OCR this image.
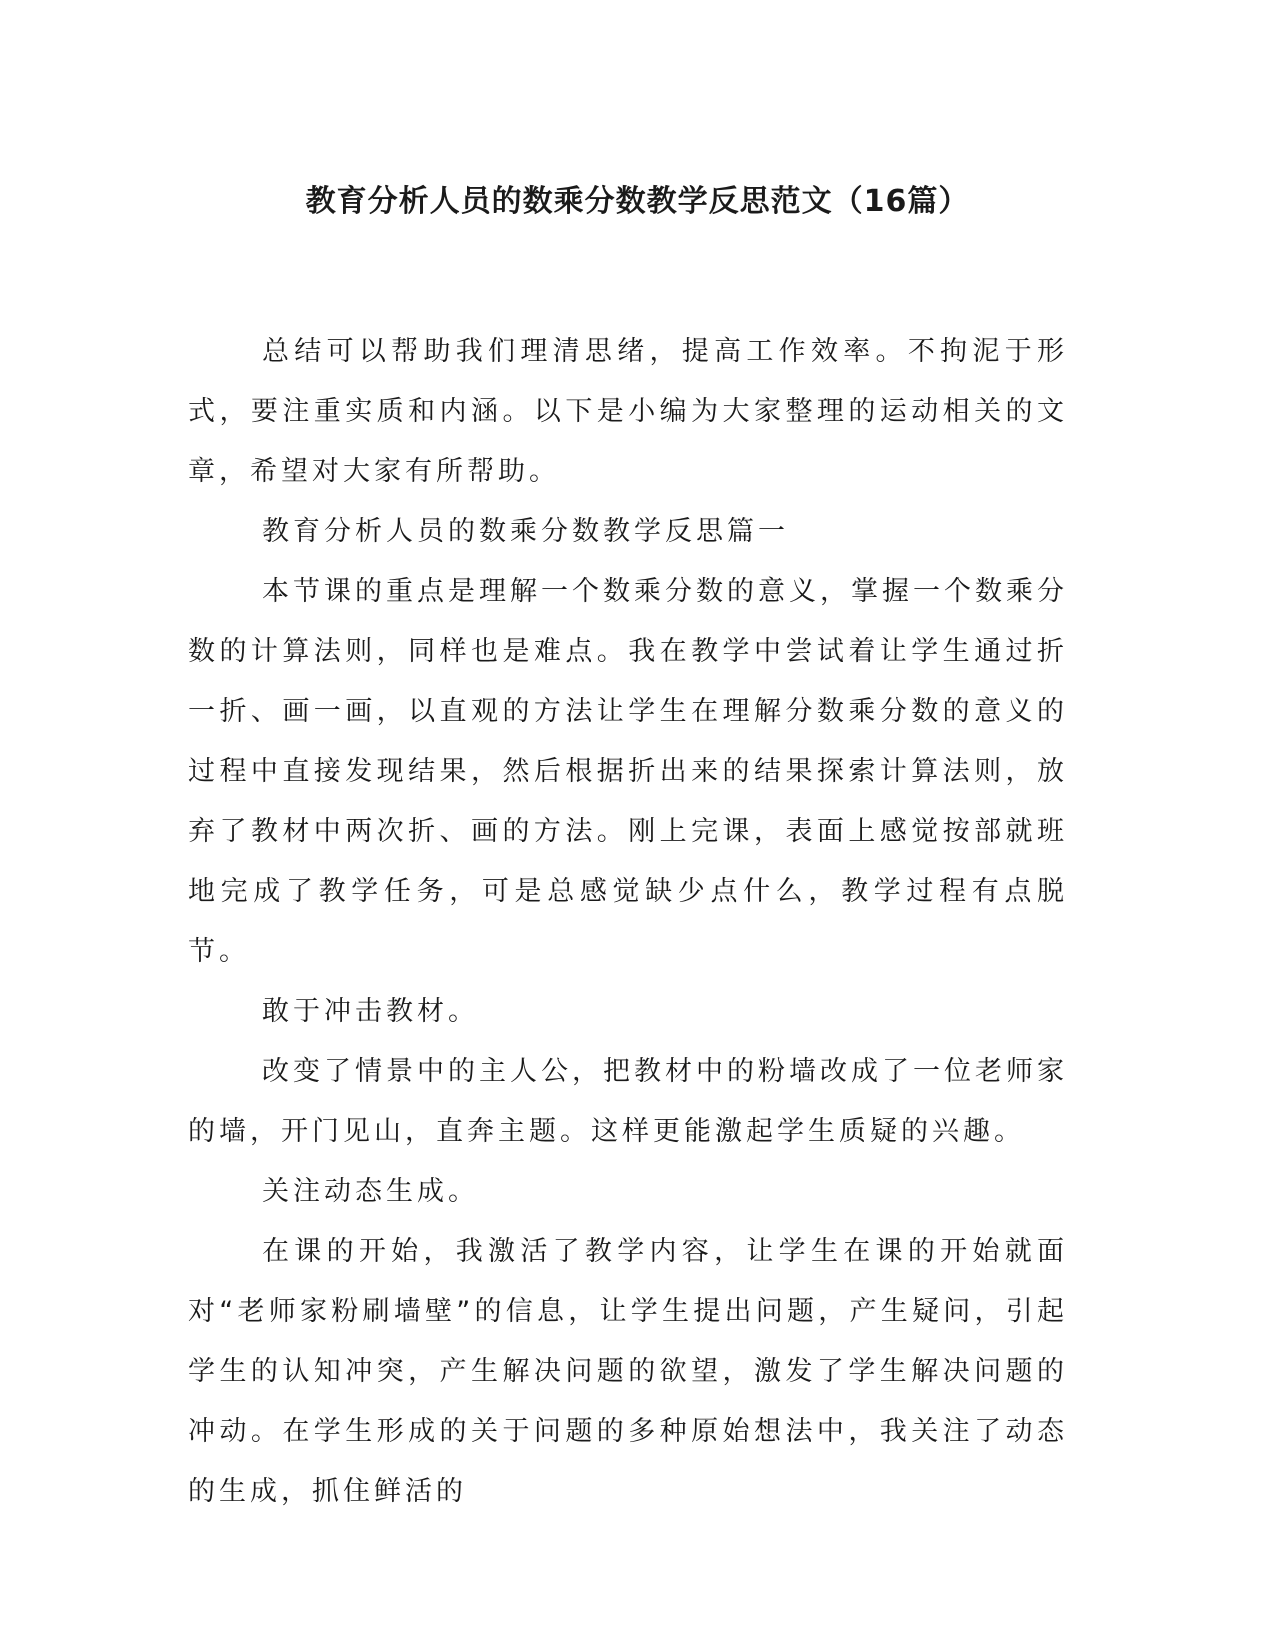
教育分析人员的数乘分数教学反思范文（16篇）

总结可以帮助我们理清思绪，提高工作效率。不拘泥于形式，要注重实质和内涵。以下是小编为大家整理的运动相关的文章，希望对大家有所帮助。

教育分析人员的数乘分数教学反思篇一

本节课的重点是理解一个数乘分数的意义，掌握一个数乘分数的计算法则，同样也是难点。我在教学中尝试着让学生通过折一折、画一画，以直观的方法让学生在理解分数乘分数的意义的过程中直接发现结果，然后根据折出来的结果探索计算法则，放弃了教材中两次折、画的方法。刚上完课，表面上感觉按部就班地完成了教学任务，可是总感觉缺少点什么，教学过程有点脱节。

敢于冲击教材。

改变了情景中的主人公，把教材中的粉墙改成了一位老师家的墙，开门见山，直奔主题。这样更能激起学生质疑的兴趣。

关注动态生成。

在课的开始，我激活了教学内容，让学生在课的开始就面对“老师家粉刷墙壁”的信息，让学生提出问题，产生疑问，引起学生的认知冲突，产生解决问题的欲望，激发了学生解决问题的冲动。在学生形成的关于问题的多种原始想法中，我关注了动态的生成，抓住鲜活的
